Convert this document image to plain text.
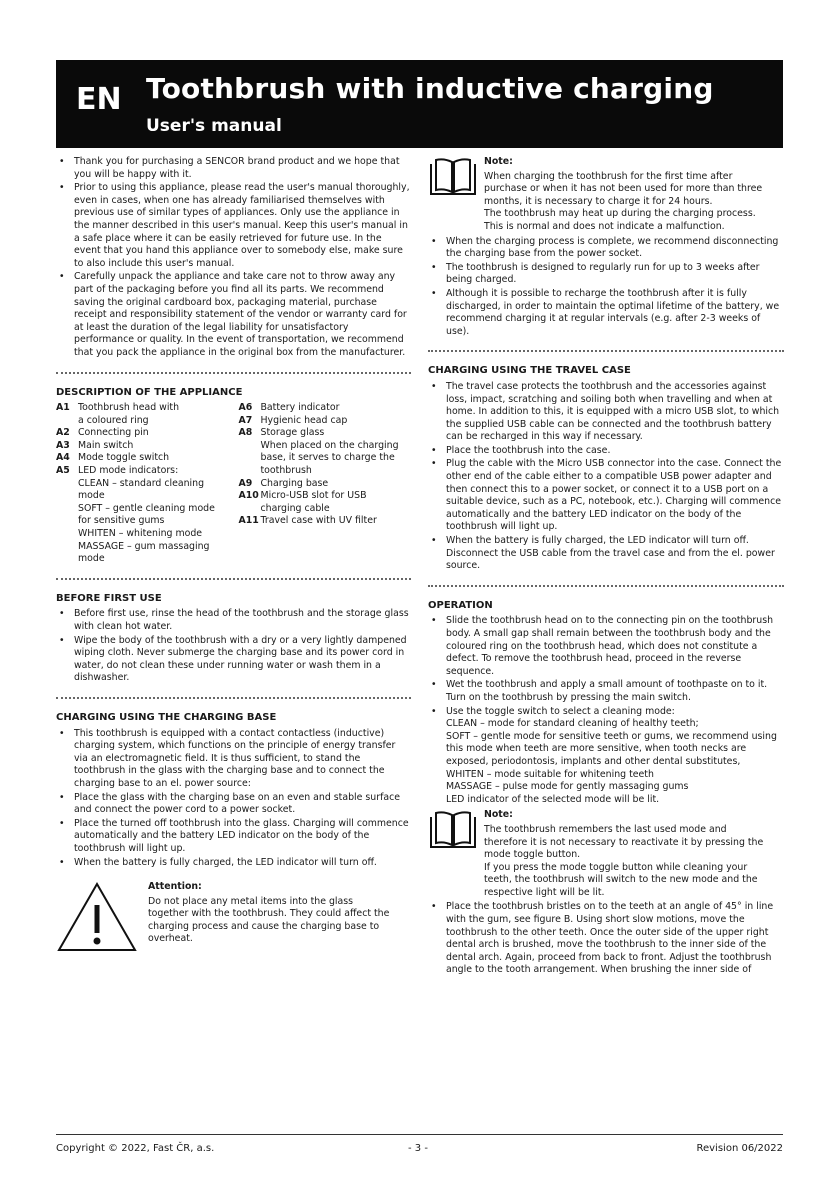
EN Toothbrush with inductive charging
User's manual
• Thank you for purchasing a SENCOR brand product and we hope that you will be happy with it.
• Prior to using this appliance, please read the user's manual thoroughly, even in cases, when one has already familiarised themselves with previous use of similar types of appliances. Only use the appliance in the manner described in this user's manual. Keep this user's manual in a safe place where it can be easily retrieved for future use. In the event that you hand this appliance over to somebody else, make sure to also include this user's manual.
• Carefully unpack the appliance and take care not to throw away any part of the packaging before you find all its parts. We recommend saving the original cardboard box, packaging material, purchase receipt and responsibility statement of the vendor or warranty card for at least the duration of the legal liability for unsatisfactory performance or quality. In the event of transportation, we recommend that you pack the appliance in the original box from the manufacturer.
DESCRIPTION OF THE APPLIANCE
A1 Toothbrush head with
a coloured ring
A2 Connecting pin
A3 Main switch
A4 Mode toggle switch
A5 LED mode indicators:
CLEAN – standard cleaning
mode
SOFT – gentle cleaning mode
for sensitive gums
WHITEN – whitening mode
MASSAGE – gum massaging
mode
A6 Battery indicator
A7 Hygienic head cap
A8 Storage glass
When placed on the charging
base, it serves to charge the
toothbrush
A9 Charging base
A10 Micro-USB slot for USB
charging cable
A11 Travel case with UV filter
BEFORE FIRST USE
• Before first use, rinse the head of the toothbrush and the storage glass with clean hot water.
• Wipe the body of the toothbrush with a dry or a very lightly dampened wiping cloth. Never submerge the charging base and its power cord in water, do not clean these under running water or wash them in a dishwasher.
CHARGING USING THE CHARGING BASE
• This toothbrush is equipped with a contact contactless (inductive) charging system, which functions on the principle of energy transfer via an electromagnetic field. It is thus sufficient, to stand the toothbrush in the glass with the charging base and to connect the charging base to an el. power source:
• Place the glass with the charging base on an even and stable surface and connect the power cord to a power socket.
• Place the turned off toothbrush into the glass. Charging will commence automatically and the battery LED indicator on the body of the toothbrush will light up.
• When the battery is fully charged, the LED indicator will turn off.
Attention:
Do not place any metal items into the glass together with the toothbrush. They could affect the charging process and cause the charging base to overheat.
Note:
When charging the toothbrush for the first time after purchase or when it has not been used for more than three months, it is necessary to charge it for 24 hours.
The toothbrush may heat up during the charging process. This is normal and does not indicate a malfunction.
• When the charging process is complete, we recommend disconnecting the charging base from the power socket.
• The toothbrush is designed to regularly run for up to 3 weeks after being charged.
• Although it is possible to recharge the toothbrush after it is fully discharged, in order to maintain the optimal lifetime of the battery, we recommend charging it at regular intervals (e.g. after 2-3 weeks of use).
CHARGING USING THE TRAVEL CASE
• The travel case protects the toothbrush and the accessories against loss, impact, scratching and soiling both when travelling and when at home. In addition to this, it is equipped with a micro USB slot, to which the supplied USB cable can be connected and the toothbrush battery can be recharged in this way if necessary.
• Place the toothbrush into the case.
• Plug the cable with the Micro USB connector into the case. Connect the other end of the cable either to a compatible USB power adapter and then connect this to a power socket, or connect it to a USB port on a suitable device, such as a PC, notebook, etc.). Charging will commence automatically and the battery LED indicator on the body of the toothbrush will light up.
• When the battery is fully charged, the LED indicator will turn off. Disconnect the USB cable from the travel case and from the el. power source.
OPERATION
• Slide the toothbrush head on to the connecting pin on the toothbrush body. A small gap shall remain between the toothbrush body and the coloured ring on the toothbrush head, which does not constitute a defect. To remove the toothbrush head, proceed in the reverse sequence.
• Wet the toothbrush and apply a small amount of toothpaste on to it. Turn on the toothbrush by pressing the main switch.
• Use the toggle switch to select a cleaning mode:
CLEAN – mode for standard cleaning of healthy teeth;
SOFT – gentle mode for sensitive teeth or gums, we recommend using this mode when teeth are more sensitive, when tooth necks are exposed, periodontosis, implants and other dental substitutes,
WHITEN – mode suitable for whitening teeth
MASSAGE – pulse mode for gently massaging gums
LED indicator of the selected mode will be lit.
Note:
The toothbrush remembers the last used mode and therefore it is not necessary to reactivate it by pressing the mode toggle button.
If you press the mode toggle button while cleaning your teeth, the toothbrush will switch to the new mode and the respective light will be lit.
• Place the toothbrush bristles on to the teeth at an angle of 45° in line with the gum, see figure B. Using short slow motions, move the toothbrush to the other teeth. Once the outer side of the upper right dental arch is brushed, move the toothbrush to the inner side of the dental arch. Again, proceed from back to front. Adjust the toothbrush angle to the tooth arrangement. When brushing the inner side of
Copyright © 2022, Fast ČR, a.s.	- 3 -	Revision 06/2022
